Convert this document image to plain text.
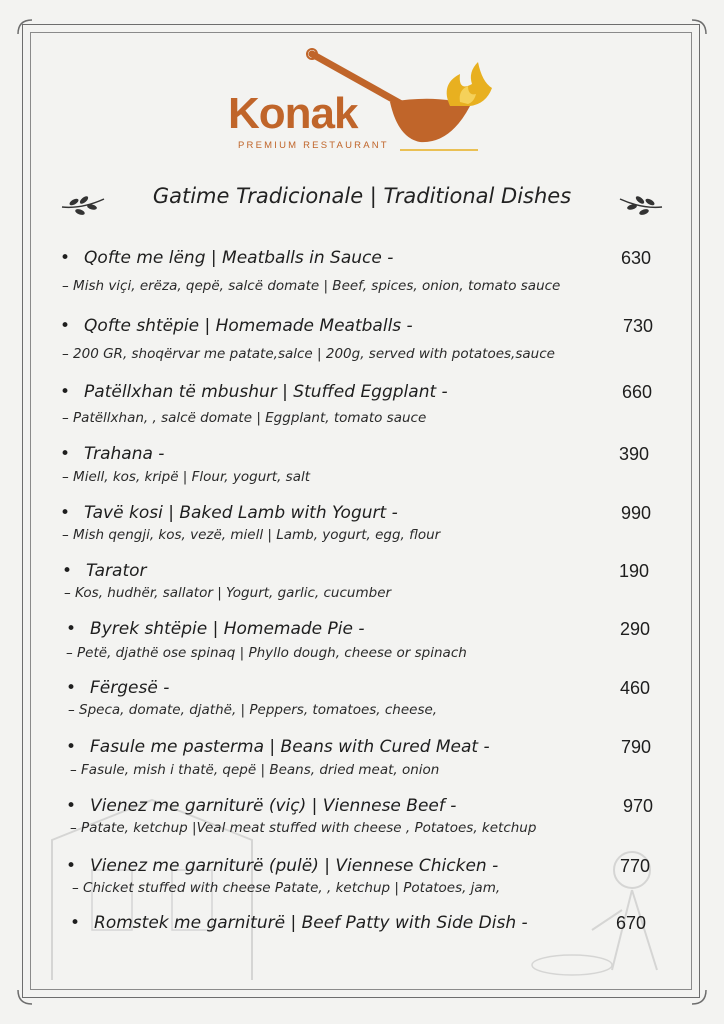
Konak
PREMIUM RESTAURANT
Gatime Tradicionale | Traditional Dishes
• Qofte me lëng | Meatballs in Sauce -	630
– Mish viçi, erëza, qepë, salcë domate | Beef, spices, onion, tomato sauce
• Qofte shtëpie | Homemade Meatballs -	730
– 200 GR, shoqërvar me patate,salce | 200g, served with potatoes,sauce
• Patëllxhan të mbushur | Stuffed Eggplant -	660
– Patëllxhan, , salcë domate | Eggplant, tomato sauce
• Trahana -	390
– Miell, kos, kripë | Flour, yogurt, salt
• Tavë kosi | Baked Lamb with Yogurt -	990
– Mish qengji, kos, vezë, miell | Lamb, yogurt, egg, flour
• Tarator	190
– Kos, hudhër, sallator | Yogurt, garlic, cucumber
• Byrek shtëpie | Homemade Pie -	290
– Petë, djathë ose spinaq | Phyllo dough, cheese or spinach
• Fërgesë -	460
– Speca, domate, djathë, | Peppers, tomatoes, cheese,
• Fasule me pasterma | Beans with Cured Meat -	790
– Fasule, mish i thatë, qepë | Beans, dried meat, onion
• Vienez me garniturë (viç) | Viennese Beef -	970
– Patate, ketchup |Veal meat stuffed with cheese , Potatoes, ketchup
• Vienez me garniturë (pulë) | Viennese Chicken -	770
– Chicket stuffed with cheese Patate, , ketchup | Potatoes, jam,
• Romstek me garniturë | Beef Patty with Side Dish -	670
